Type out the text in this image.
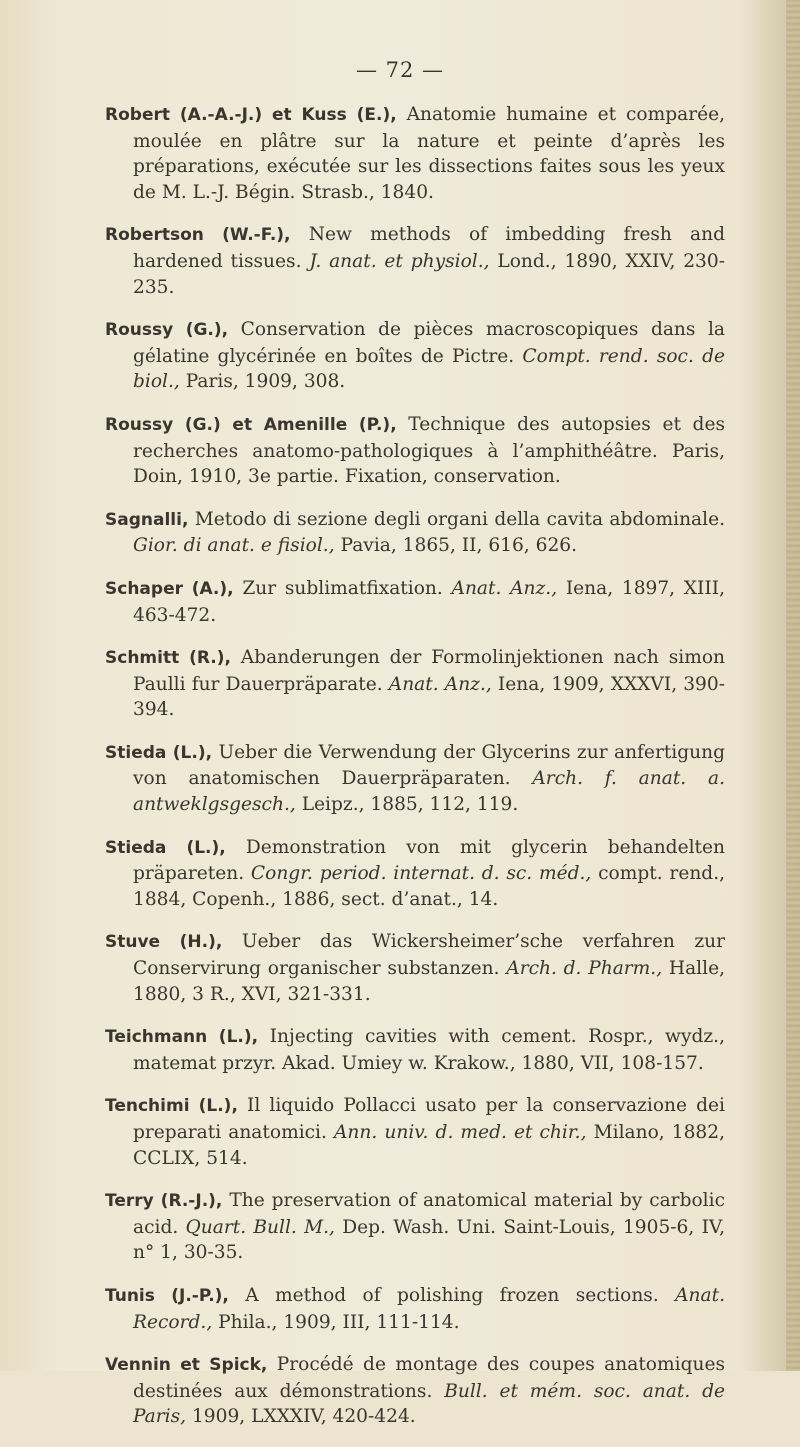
— 72 —

Robert (A.-A.-J.) et Kuss (E.), Anatomie humaine et comparée, moulée en plâtre sur la nature et peinte d’après les préparations, exécutée sur les dissections faites sous les yeux de M. L.-J. Bégin. Strasb., 1840.

Robertson (W.-F.), New methods of imbedding fresh and hardened tissues. J. anat. et physiol., Lond., 1890, XXIV, 230-235.

Roussy (G.), Conservation de pièces macroscopiques dans la gélatine glycérinée en boîtes de Pictre. Compt. rend. soc. de biol., Paris, 1909, 308.

Roussy (G.) et Amenille (P.), Technique des autopsies et des recherches anatomo-pathologiques à l’amphithéâtre. Paris, Doin, 1910, 3e partie. Fixation, conservation.

Sagnalli, Metodo di sezione degli organi della cavita abdominale. Gior. di anat. e fisiol., Pavia, 1865, II, 616, 626.

Schaper (A.), Zur sublimatfixation. Anat. Anz., Iena, 1897, XIII, 463-472.

Schmitt (R.), Abanderungen der Formolinjektionen nach simon Paulli fur Dauerpräparate. Anat. Anz., Iena, 1909, XXXVI, 390-394.

Stieda (L.), Ueber die Verwendung der Glycerins zur anfertigung von anatomischen Dauerpräparaten. Arch. f. anat. a. antweklgsgesch., Leipz., 1885, 112, 119.

Stieda (L.), Demonstration von mit glycerin behandelten präpareten. Congr. period. internat. d. sc. méd., compt. rend., 1884, Copenh., 1886, sect. d’anat., 14.

Stuve (H.), Ueber das Wickersheimer’sche verfahren zur Conservirung organischer substanzen. Arch. d. Pharm., Halle, 1880, 3 R., XVI, 321-331.

Teichmann (L.), Injecting cavities with cement. Rospr., wydz., matemat przyr. Akad. Umiey w. Krakow., 1880, VII, 108-157.

Tenchimi (L.), Il liquido Pollacci usato per la conservazione dei preparati anatomici. Ann. univ. d. med. et chir., Milano, 1882, CCLIX, 514.

Terry (R.-J.), The preservation of anatomical material by carbolic acid. Quart. Bull. M., Dep. Wash. Uni. Saint-Louis, 1905-6, IV, n° 1, 30-35.

Tunis (J.-P.), A method of polishing frozen sections. Anat. Record., Phila., 1909, III, 111-114.

Vennin et Spick, Procédé de montage des coupes anatomiques destinées aux démonstrations. Bull. et mém. soc. anat. de Paris, 1909, LXXXIV, 420-424.
